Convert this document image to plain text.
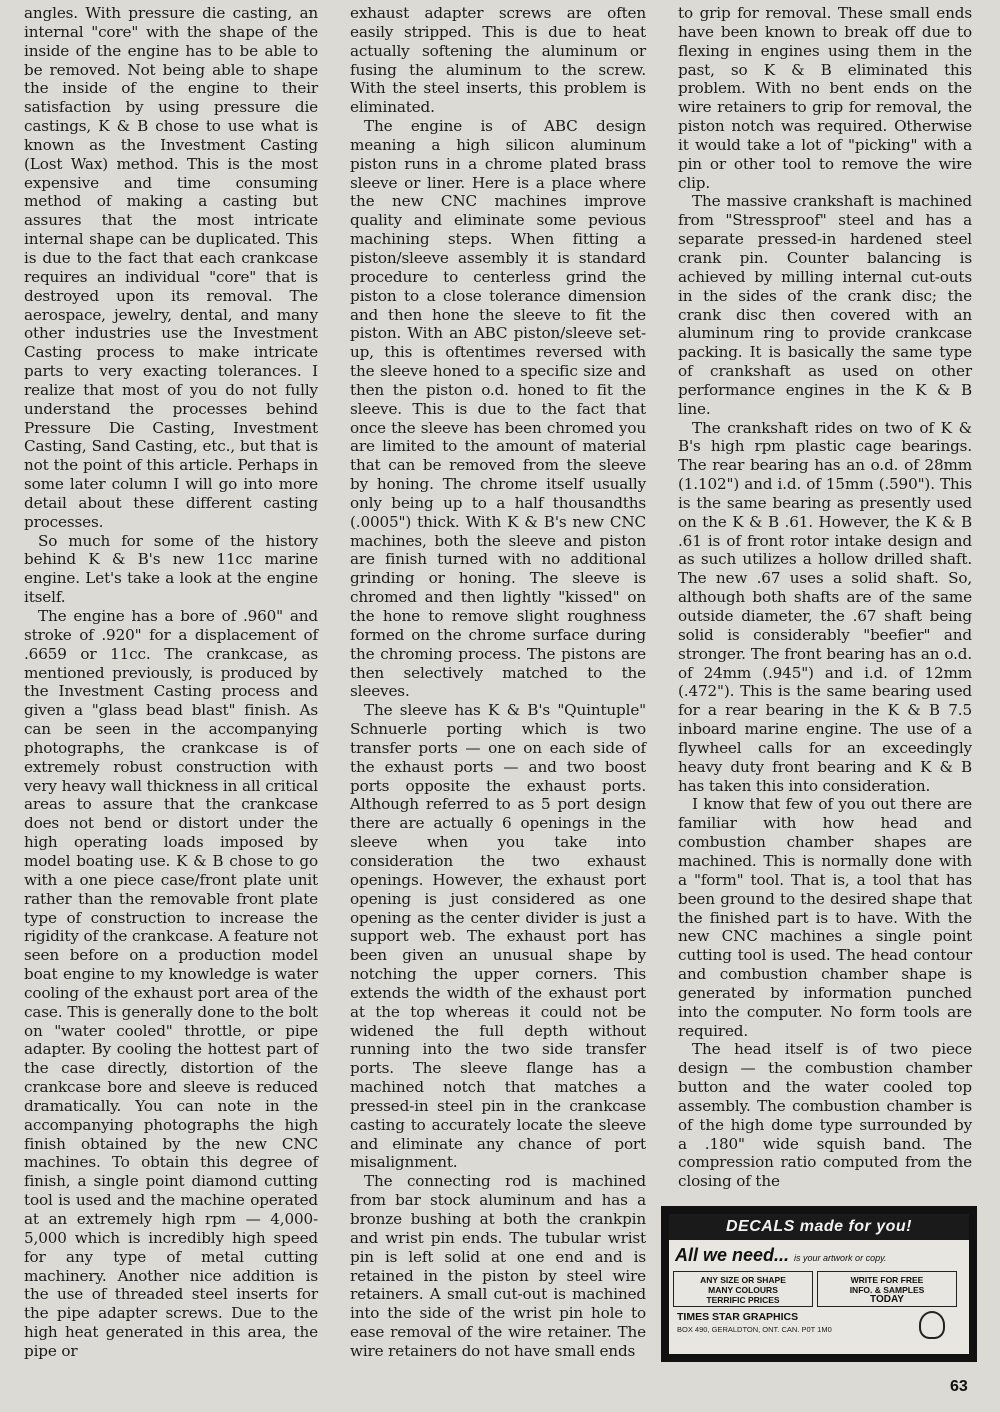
angles. With pressure die casting, an internal "core" with the shape of the inside of the engine has to be able to be removed. Not being able to shape the inside of the engine to their satisfaction by using pressure die castings, K & B chose to use what is known as the Investment Casting (Lost Wax) method. This is the most expensive and time consuming method of making a casting but assures that the most intricate internal shape can be duplicated. This is due to the fact that each crankcase requires an individual "core" that is destroyed upon its removal. The aerospace, jewelry, dental, and many other industries use the Investment Casting process to make intricate parts to very exacting tolerances. I realize that most of you do not fully understand the processes behind Pressure Die Casting, Investment Casting, Sand Casting, etc., but that is not the point of this article. Perhaps in some later column I will go into more detail about these different casting processes.

So much for some of the history behind K & B's new 11cc marine engine. Let's take a look at the engine itself.

The engine has a bore of .960" and stroke of .920" for a displacement of .6659 or 11cc. The crankcase, as mentioned previously, is produced by the Investment Casting process and given a "glass bead blast" finish. As can be seen in the accompanying photographs, the crankcase is of extremely robust construction with very heavy wall thickness in all critical areas to assure that the crankcase does not bend or distort under the high operating loads imposed by model boating use. K & B chose to go with a one piece case/front plate unit rather than the removable front plate type of construction to increase the rigidity of the crankcase. A feature not seen before on a production model boat engine to my knowledge is water cooling of the exhaust port area of the case. This is generally done to the bolt on "water cooled" throttle, or pipe adapter. By cooling the hottest part of the case directly, distortion of the crankcase bore and sleeve is reduced dramatically. You can note in the accompanying photographs the high finish obtained by the new CNC machines. To obtain this degree of finish, a single point diamond cutting tool is used and the machine operated at an extremely high rpm — 4,000-5,000 which is incredibly high speed for any type of metal cutting machinery. Another nice addition is the use of threaded steel inserts for the pipe adapter screws. Due to the high heat generated in this area, the pipe or

exhaust adapter screws are often easily stripped. This is due to heat actually softening the aluminum or fusing the aluminum to the screw. With the steel inserts, this problem is eliminated.

The engine is of ABC design meaning a high silicon aluminum piston runs in a chrome plated brass sleeve or liner. Here is a place where the new CNC machines improve quality and eliminate some pevious machining steps. When fitting a piston/sleeve assembly it is standard procedure to centerless grind the piston to a close tolerance dimension and then hone the sleeve to fit the piston. With an ABC piston/sleeve set-up, this is oftentimes reversed with the sleeve honed to a specific size and then the piston o.d. honed to fit the sleeve. This is due to the fact that once the sleeve has been chromed you are limited to the amount of material that can be removed from the sleeve by honing. The chrome itself usually only being up to a half thousandths (.0005") thick. With K & B's new CNC machines, both the sleeve and piston are finish turned with no additional grinding or honing. The sleeve is chromed and then lightly "kissed" on the hone to remove slight roughness formed on the chrome surface during the chroming process. The pistons are then selectively matched to the sleeves.

The sleeve has K & B's "Quintuple" Schnuerle porting which is two transfer ports — one on each side of the exhaust ports — and two boost ports opposite the exhaust ports. Although referred to as 5 port design there are actually 6 openings in the sleeve when you take into consideration the two exhaust openings. However, the exhaust port opening is just considered as one opening as the center divider is just a support web. The exhaust port has been given an unusual shape by notching the upper corners. This extends the width of the exhaust port at the top whereas it could not be widened the full depth without running into the two side transfer ports. The sleeve flange has a machined notch that matches a pressed-in steel pin in the crankcase casting to accurately locate the sleeve and eliminate any chance of port misalignment.

The connecting rod is machined from bar stock aluminum and has a bronze bushing at both the crankpin and wrist pin ends. The tubular wrist pin is left solid at one end and is retained in the piston by steel wire retainers. A small cut-out is machined into the side of the wrist pin hole to ease removal of the wire retainer. The wire retainers do not have small ends

to grip for removal. These small ends have been known to break off due to flexing in engines using them in the past, so K & B eliminated this problem. With no bent ends on the wire retainers to grip for removal, the piston notch was required. Otherwise it would take a lot of "picking" with a pin or other tool to remove the wire clip.

The massive crankshaft is machined from "Stressproof" steel and has a separate pressed-in hardened steel crank pin. Counter balancing is achieved by milling internal cut-outs in the sides of the crank disc; the crank disc then covered with an aluminum ring to provide crankcase packing. It is basically the same type of crankshaft as used on other performance engines in the K & B line.

The crankshaft rides on two of K & B's high rpm plastic cage bearings. The rear bearing has an o.d. of 28mm (1.102") and i.d. of 15mm (.590"). This is the same bearing as presently used on the K & B .61. However, the K & B .61 is of front rotor intake design and as such utilizes a hollow drilled shaft. The new .67 uses a solid shaft. So, although both shafts are of the same outside diameter, the .67 shaft being solid is considerably "beefier" and stronger. The front bearing has an o.d. of 24mm (.945") and i.d. of 12mm (.472"). This is the same bearing used for a rear bearing in the K & B 7.5 inboard marine engine. The use of a flywheel calls for an exceedingly heavy duty front bearing and K & B has taken this into consideration.

I know that few of you out there are familiar with how head and combustion chamber shapes are machined. This is normally done with a "form" tool. That is, a tool that has been ground to the desired shape that the finished part is to have. With the new CNC machines a single point cutting tool is used. The head contour and combustion chamber shape is generated by information punched into the computer. No form tools are required.

The head itself is of two piece design — the combustion chamber button and the water cooled top assembly. The combustion chamber is of the high dome type surrounded by a .180" wide squish band. The compression ratio computed from the closing of the

DECALS made for you!
All we need... is your artwork or copy.
ANY SIZE OR SHAPE
MANY COLOURS
TERRIFIC PRICES
WRITE FOR FREE
INFO. & SAMPLES
TODAY
TIMES STAR GRAPHICS
BOX 490, GERALDTON, ONT. CAN. P0T 1M0
63
